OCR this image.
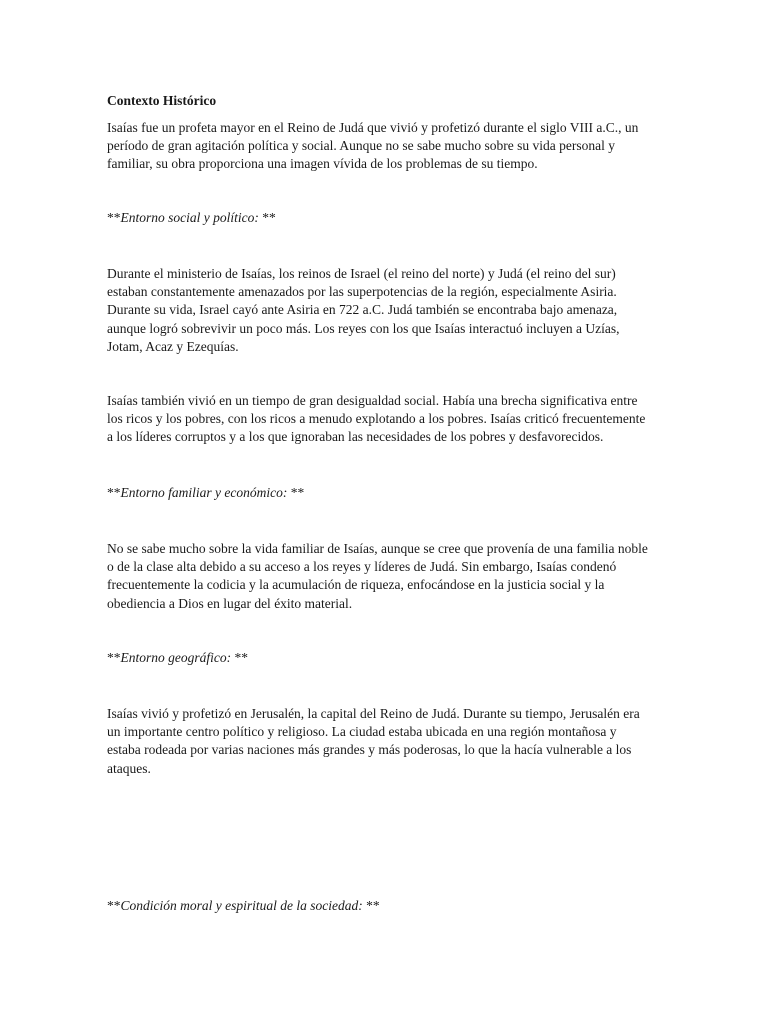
Contexto Histórico

Isaías fue un profeta mayor en el Reino de Judá que vivió y profetizó durante el siglo VIII a.C., un
período de gran agitación política y social. Aunque no se sabe mucho sobre su vida personal y
familiar, su obra proporciona una imagen vívida de los problemas de su tiempo.

**Entorno social y político: **

Durante el ministerio de Isaías, los reinos de Israel (el reino del norte) y Judá (el reino del sur)
estaban constantemente amenazados por las superpotencias de la región, especialmente Asiria.
Durante su vida, Israel cayó ante Asiria en 722 a.C. Judá también se encontraba bajo amenaza,
aunque logró sobrevivir un poco más. Los reyes con los que Isaías interactuó incluyen a Uzías,
Jotam, Acaz y Ezequías.

Isaías también vivió en un tiempo de gran desigualdad social. Había una brecha significativa entre
los ricos y los pobres, con los ricos a menudo explotando a los pobres. Isaías criticó frecuentemente
a los líderes corruptos y a los que ignoraban las necesidades de los pobres y desfavorecidos.

**Entorno familiar y económico: **

No se sabe mucho sobre la vida familiar de Isaías, aunque se cree que provenía de una familia noble
o de la clase alta debido a su acceso a los reyes y líderes de Judá. Sin embargo, Isaías condenó
frecuentemente la codicia y la acumulación de riqueza, enfocándose en la justicia social y la
obediencia a Dios en lugar del éxito material.

**Entorno geográfico: **

Isaías vivió y profetizó en Jerusalén, la capital del Reino de Judá. Durante su tiempo, Jerusalén era
un importante centro político y religioso. La ciudad estaba ubicada en una región montañosa y
estaba rodeada por varias naciones más grandes y más poderosas, lo que la hacía vulnerable a los
ataques.

**Condición moral y espiritual de la sociedad: **
